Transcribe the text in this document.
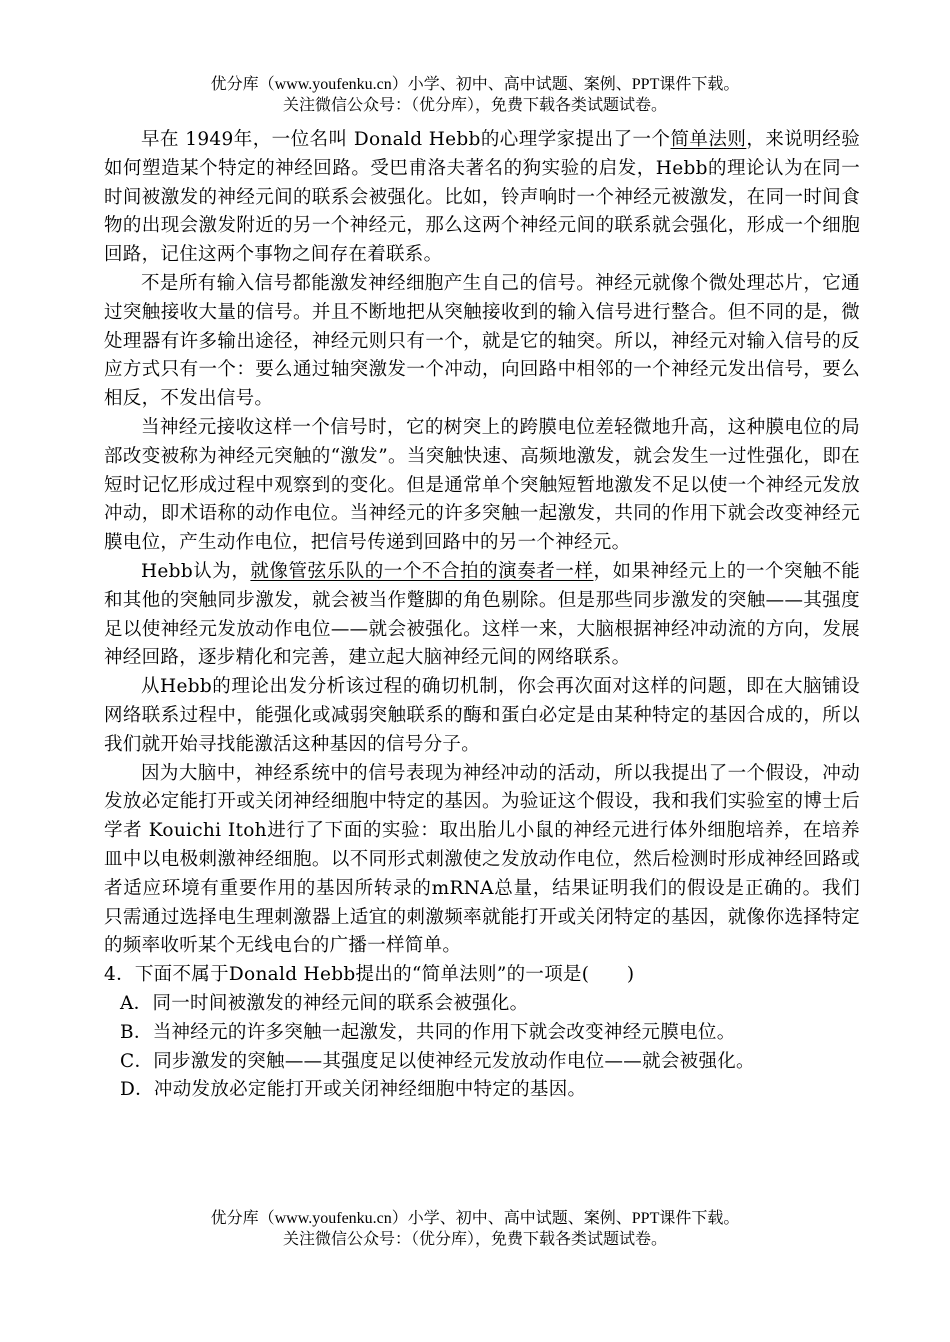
优分库（www.youfenku.cn）小学、初中、高中试题、案例、PPT课件下载。
关注微信公众号：（优分库），免费下载各类试题试卷。

早在 1949年，一位名叫 Donald Hebb的心理学家提出了一个简单法则，来说明经验如何塑造某个特定的神经回路。受巴甫洛夫著名的狗实验的启发，Hebb的理论认为在同一时间被激发的神经元间的联系会被强化。比如，铃声响时一个神经元被激发，在同一时间食物的出现会激发附近的另一个神经元，那么这两个神经元间的联系就会强化，形成一个细胞回路，记住这两个事物之间存在着联系。

不是所有输入信号都能激发神经细胞产生自己的信号。神经元就像个微处理芯片，它通过突触接收大量的信号。并且不断地把从突触接收到的输入信号进行整合。但不同的是，微处理器有许多输出途径，神经元则只有一个，就是它的轴突。所以，神经元对输入信号的反应方式只有一个：要么通过轴突激发一个冲动，向回路中相邻的一个神经元发出信号，要么相反，不发出信号。

当神经元接收这样一个信号时，它的树突上的跨膜电位差轻微地升高，这种膜电位的局部改变被称为神经元突触的“激发”。当突触快速、高频地激发，就会发生一过性强化，即在短时记忆形成过程中观察到的变化。但是通常单个突触短暂地激发不足以使一个神经元发放冲动，即术语称的动作电位。当神经元的许多突触一起激发，共同的作用下就会改变神经元膜电位，产生动作电位，把信号传递到回路中的另一个神经元。

Hebb认为，就像管弦乐队的一个不合拍的演奏者一样，如果神经元上的一个突触不能和其他的突触同步激发，就会被当作蹩脚的角色剔除。但是那些同步激发的突触——其强度足以使神经元发放动作电位——就会被强化。这样一来，大脑根据神经冲动流的方向，发展神经回路，逐步精化和完善，建立起大脑神经元间的网络联系。

从Hebb的理论出发分析该过程的确切机制，你会再次面对这样的问题，即在大脑铺设网络联系过程中，能强化或减弱突触联系的酶和蛋白必定是由某种特定的基因合成的，所以我们就开始寻找能激活这种基因的信号分子。

因为大脑中，神经系统中的信号表现为神经冲动的活动，所以我提出了一个假设，冲动发放必定能打开或关闭神经细胞中特定的基因。为验证这个假设，我和我们实验室的博士后学者 Kouichi Itoh进行了下面的实验：取出胎儿小鼠的神经元进行体外细胞培养，在培养皿中以电极刺激神经细胞。以不同形式刺激使之发放动作电位，然后检测时形成神经回路或者适应环境有重要作用的基因所转录的mRNA总量，结果证明我们的假设是正确的。我们只需通过选择电生理刺激器上适宜的刺激频率就能打开或关闭特定的基因，就像你选择特定的频率收听某个无线电台的广播一样简单。

4．下面不属于Donald Hebb提出的“简单法则”的一项是(　　)
A．同一时间被激发的神经元间的联系会被强化。
B．当神经元的许多突触一起激发，共同的作用下就会改变神经元膜电位。
C．同步激发的突触——其强度足以使神经元发放动作电位——就会被强化。
D．冲动发放必定能打开或关闭神经细胞中特定的基因。
优分库（www.youfenku.cn）小学、初中、高中试题、案例、PPT课件下载。
关注微信公众号：（优分库），免费下载各类试题试卷。
